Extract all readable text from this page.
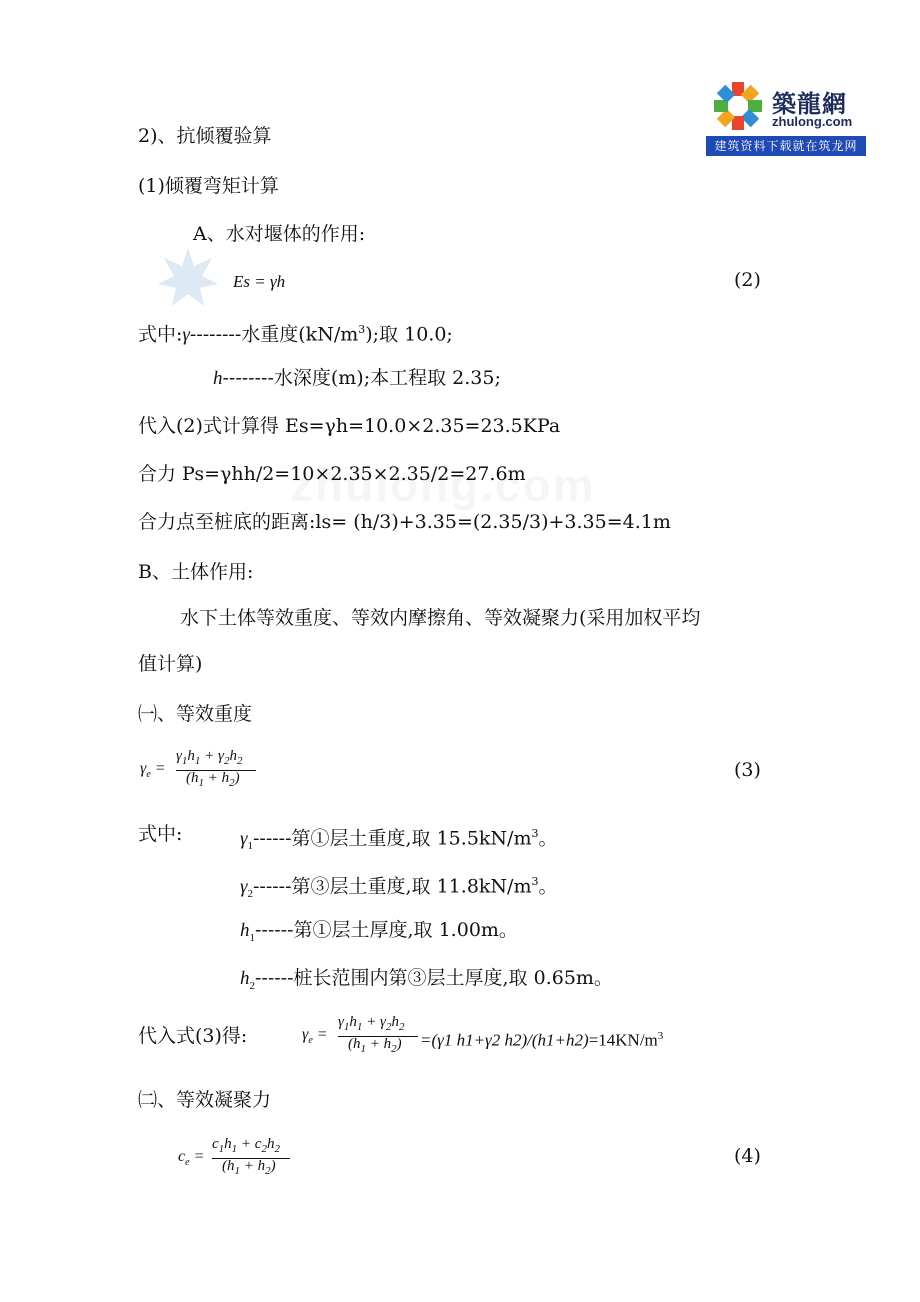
築龍網
zhulong.com
建筑资料下载就在筑龙网
2)、抗倾覆验算
(1)倾覆弯矩计算
A、水对堰体的作用:
Es = γh	(2)
式中:γ--------水重度$(kN/m^3)$;取 10.0;
h--------水深度(m);本工程取 2.35;
代入(2)式计算得 Es=γh=10.0×2.35=23.5KPa
合力 Ps=γhh/2=10×2.35×2.35/2=27.6m
合力点至桩底的距离:ls= (h/3)+3.35=(2.35/3)+3.35=4.1m
B、土体作用:
水下土体等效重度、等效内摩擦角、等效凝聚力(采用加权平均
值计算)
㈠、等效重度
$\gamma_e$ =
$\gamma_1h_1 + \gamma_2h_2$
$(h_1 + h_2)$	(3)
式中:	$\gamma_1------$第①层土重度,取 $15.5kN/m^3$。
$\gamma_2------$第③层土重度,取 $11.8kN/m^3$。
$h_1------$第①层土厚度,取 1.00m。
$h_2------$桩长范围内第③层土厚度,取 0.65m。
代入式(3)得:	$\gamma_e$ =
$\gamma_1h_1 + \gamma_2h_2$
$(h_1 + h_2) =(\gamma 1$ h1+γ2 $h2)/(h1+h2)=14KN/m^3$
㈡、等效凝聚力
$c_e$ =
$c_1h_1 + c_2h_2$
$(h_1 + h_2)$	(4)
